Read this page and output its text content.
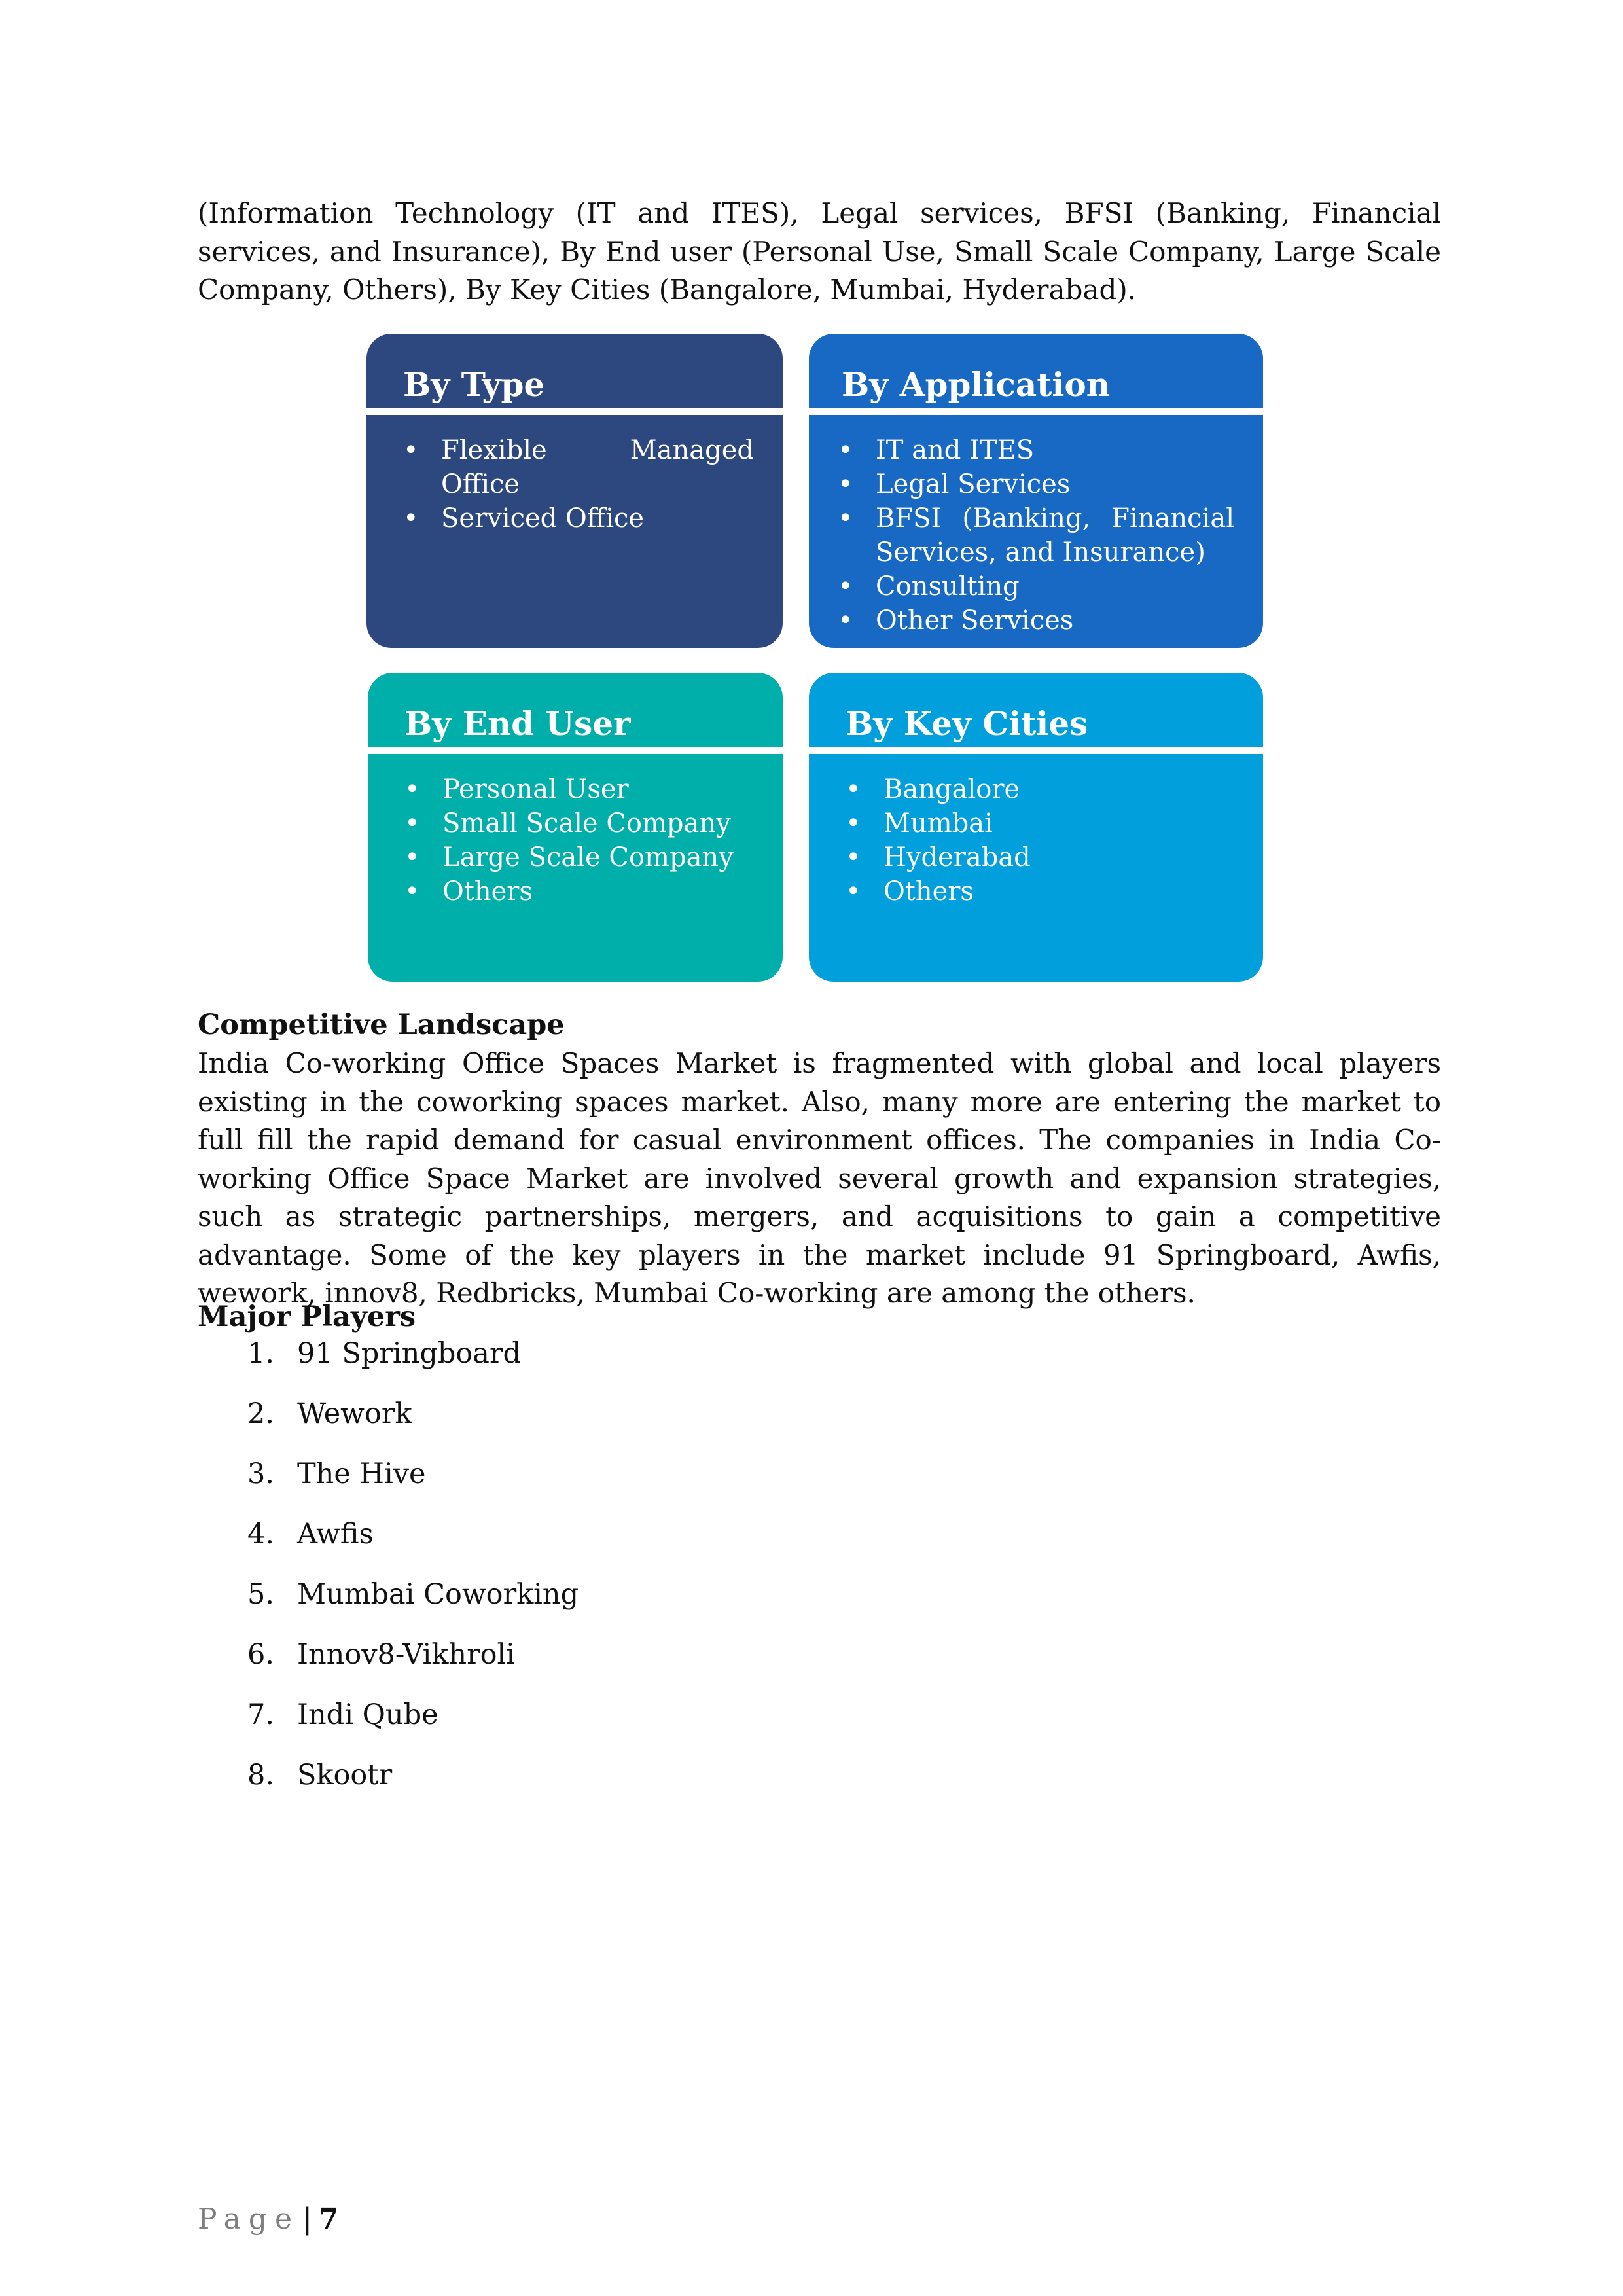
(Information Technology (IT and ITES), Legal services, BFSI (Banking, Financial services, and Insurance), By End user (Personal Use, Small Scale Company, Large Scale Company, Others), By Key Cities (Bangalore, Mumbai, Hyderabad).

By Type
• Flexible Managed Office
• Serviced Office
By Application
• IT and ITES
• Legal Services
• BFSI (Banking, Financial Services, and Insurance)
• Consulting
• Other Services
By End User
• Personal User
• Small Scale Company
• Large Scale Company
• Others
By Key Cities
• Bangalore
• Mumbai
• Hyderabad
• Others
Competitive Landscape

India Co-working Office Spaces Market is fragmented with global and local players existing in the coworking spaces market. Also, many more are entering the market to full fill the rapid demand for casual environment offices. The companies in India Co-working Office Space Market are involved several growth and expansion strategies, such as strategic partnerships, mergers, and acquisitions to gain a competitive advantage. Some of the key players in the market include 91 Springboard, Awfis, wework, innov8, Redbricks, Mumbai Co-working are among the others.

Major Players
1. 91 Springboard
2. Wework
3. The Hive
4. Awfis
5. Mumbai Coworking
6. Innov8-Vikhroli
7. Indi Qube
8. Skootr
Page| 7
